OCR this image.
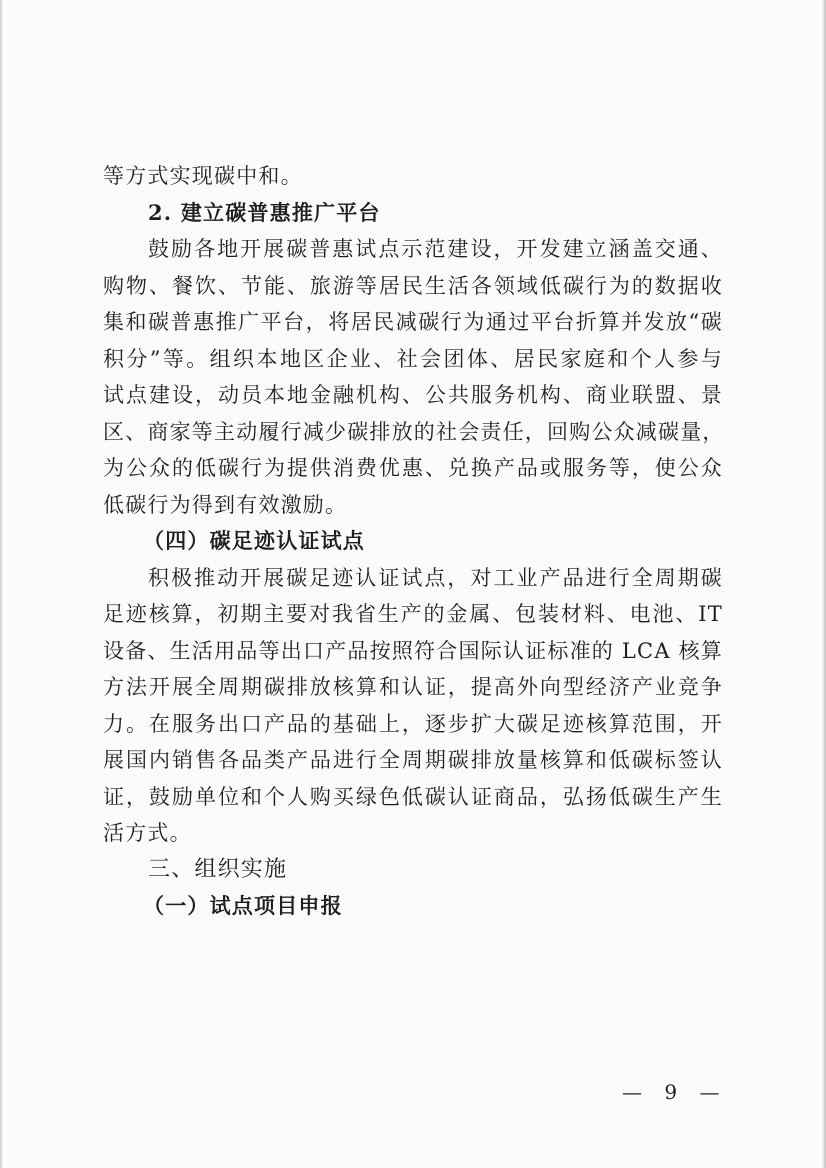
等方式实现碳中和。
2. 建立碳普惠推广平台
鼓励各地开展碳普惠试点示范建设，开发建立涵盖交通、
购物、餐饮、节能、旅游等居民生活各领域低碳行为的数据收
集和碳普惠推广平台，将居民减碳行为通过平台折算并发放“碳
积分”等。组织本地区企业、社会团体、居民家庭和个人参与
试点建设，动员本地金融机构、公共服务机构、商业联盟、景
区、商家等主动履行减少碳排放的社会责任，回购公众减碳量，
为公众的低碳行为提供消费优惠、兑换产品或服务等，使公众
低碳行为得到有效激励。
（四）碳足迹认证试点
积极推动开展碳足迹认证试点，对工业产品进行全周期碳
足迹核算，初期主要对我省生产的金属、包装材料、电池、IT
设备、生活用品等出口产品按照符合国际认证标准的 LCA 核算
方法开展全周期碳排放核算和认证，提高外向型经济产业竞争
力。在服务出口产品的基础上，逐步扩大碳足迹核算范围，开
展国内销售各品类产品进行全周期碳排放量核算和低碳标签认
证，鼓励单位和个人购买绿色低碳认证商品，弘扬低碳生产生
活方式。
三、组织实施
（一）试点项目申报
— 9 —
